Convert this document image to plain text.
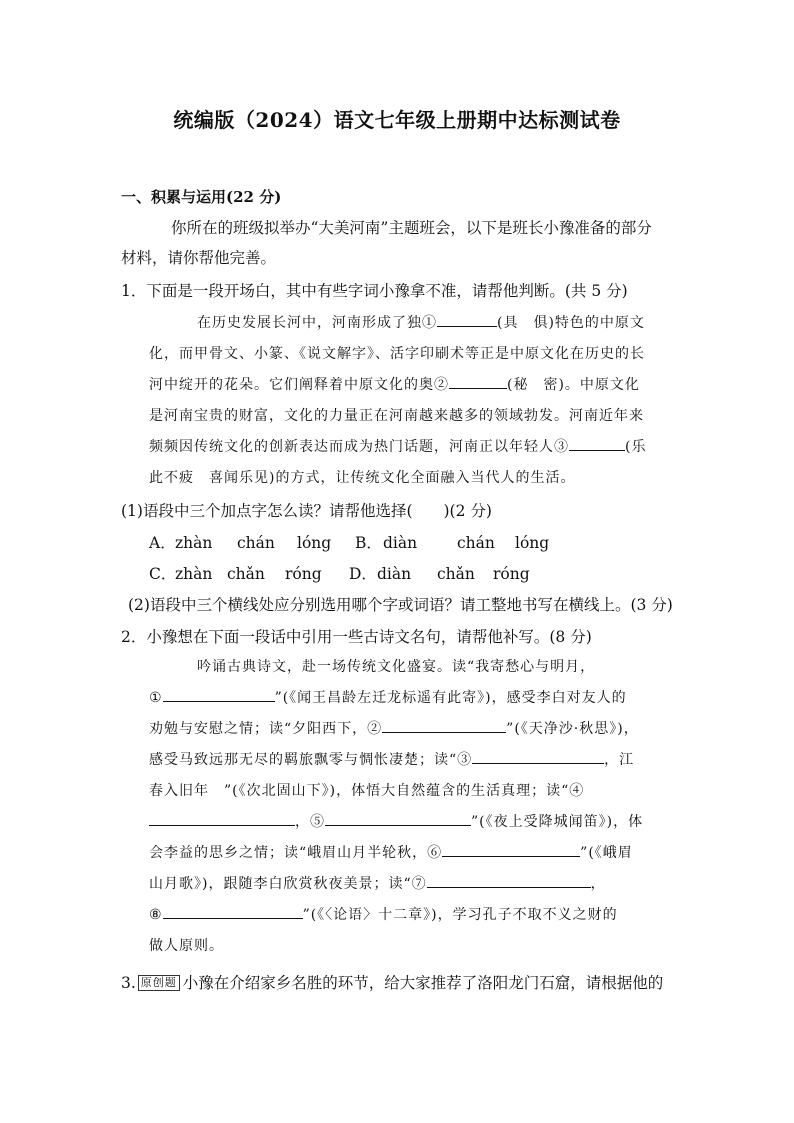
统编版（2024）语文七年级上册期中达标测试卷
一、积累与运用(22 分)
你所在的班级拟举办“大美河南”主题班会，以下是班长小豫准备的部分
材料，请你帮他完善。
1．下面是一段开场白，其中有些字词小豫拿不准，请帮他判断。(共 5 分)
在历史发展长河中，河南形成了独①	(具　俱)特色的中原文
化，而甲骨文、小篆、《说文解字》、活字印刷术等正是中原文化在历史的长
河中绽开的花朵。它们阐释着中原文化的奥②	(秘　密)。中原文化
是河南宝贵的财富，文化的力量正在河南越来越多的领域勃发。河南近年来
频频因传统文化的创新表达而成为热门话题，河南正以年轻人③	(乐
此不疲　喜闻乐见)的方式，让传统文化全面融入当代人的生活。
(1)语段中三个加点字怎么读？请帮他选择(　　)(2 分)
A．zhàn chán lóng B．diàn	chán lóng
C．zhàn chǎn róng D．diàn chǎn róng
(2)语段中三个横线处应分别选用哪个字或词语？请工整地书写在横线上。(3 分)
2．小豫想在下面一段话中引用一些古诗文名句，请帮他补写。(8 分)
吟诵古典诗文，赴一场传统文化盛宴。读“我寄愁心与明月，
①	”(《闻王昌龄左迁龙标遥有此寄》)，感受李白对友人的
劝勉与安慰之情；读“夕阳西下，②	”(《天净沙·秋思》)，
感受马致远那无尽的羁旅飘零与惆怅凄楚；读“③	，江
春入旧年　”(《次北固山下》)，体悟大自然蕴含的生活真理；读“④
，⑤	”(《夜上受降城闻笛》)，体
会李益的思乡之情；读“峨眉山月半轮秋，⑥	”(《峨眉
山月歌》)，跟随李白欣赏秋夜美景；读“⑦	，
⑧	”(《〈论语〉十二章》)，学习孔子不取不义之财的
做人原则。
3. 原创题 小豫在介绍家乡名胜的环节，给大家推荐了洛阳龙门石窟，请根据他的
